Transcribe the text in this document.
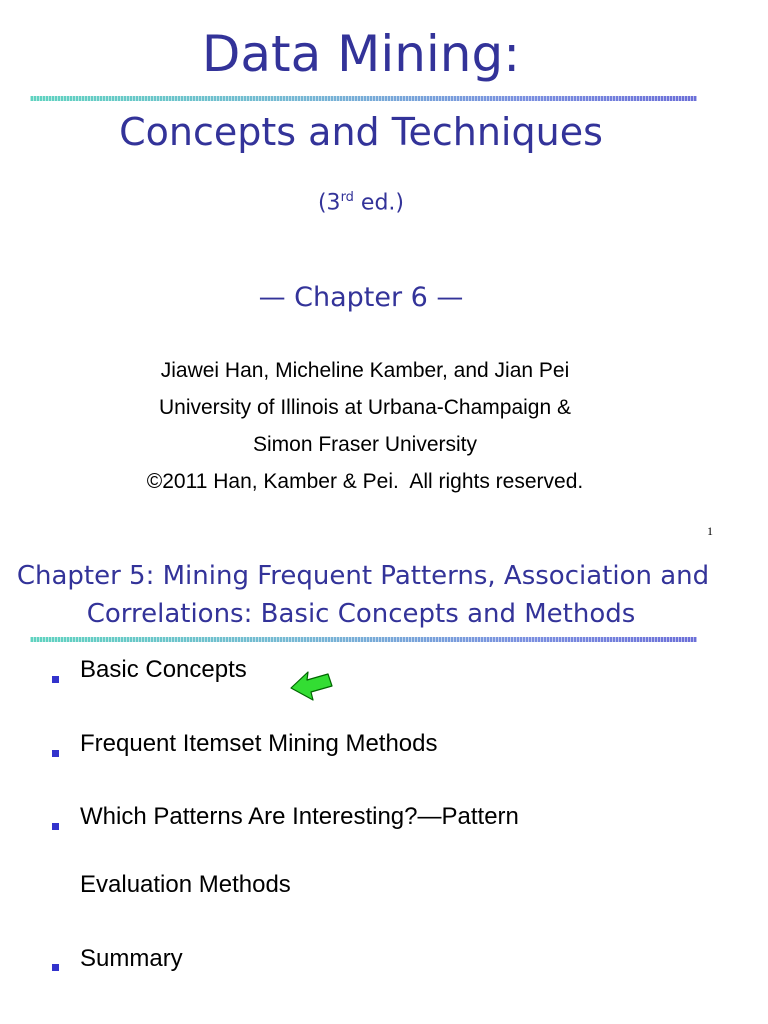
Data Mining:
Concepts and Techniques
(3rd ed.)
— Chapter 6 —
Jiawei Han, Micheline Kamber, and Jian Pei
University of Illinois at Urbana-Champaign &
Simon Fraser University
©2011 Han, Kamber & Pei.  All rights reserved.
1
Chapter 5: Mining Frequent Patterns, Association and
Correlations: Basic Concepts and Methods
Basic Concepts
Frequent Itemset Mining Methods
Which Patterns Are Interesting?—Pattern
Evaluation Methods
Summary
